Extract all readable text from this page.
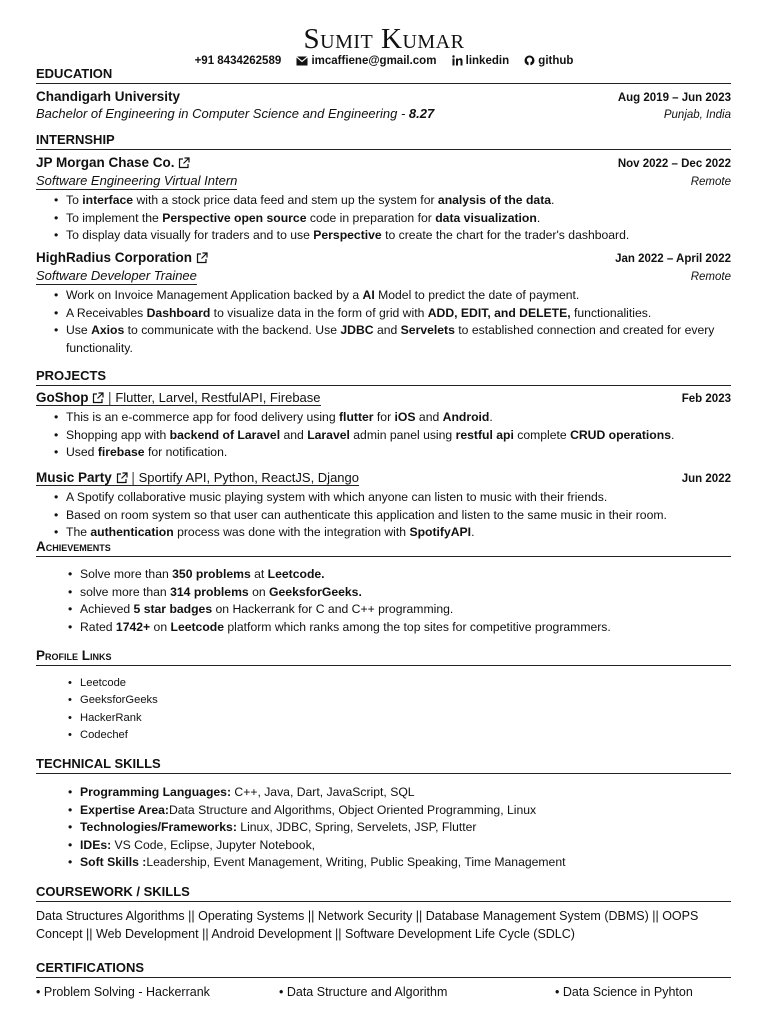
Sumit Kumar
+91 8434262589
	imcaffiene@gmail.com
	linkedin
	github
EDUCATION
Chandigarh University	Aug 2019 – Jun 2023
Bachelor of Engineering in Computer Science and Engineering - 8.27	Punjab, India
INTERNSHIP
JP Morgan Chase Co.	Nov 2022 – Dec 2022
Software Engineering Virtual Intern	Remote
• To interface with a stock price data feed and stem up the system for analysis of the data.
• To implement the Perspective open source code in preparation for data visualization.
• To display data visually for traders and to use Perspective to create the chart for the trader's dashboard.
HighRadius Corporation	Jan 2022 – April 2022
Software Developer Trainee	Remote
• Work on Invoice Management Application backed by a AI Model to predict the date of payment.
• A Receivables Dashboard to visualize data in the form of grid with ADD, EDIT, and DELETE, functionalities.
• Use Axios to communicate with the backend. Use JDBC and Servelets to established connection and created for every functionality.
PROJECTS
GoShop | Flutter, Larvel, RestfulAPI, Firebase	Feb 2023
• This is an e-commerce app for food delivery using flutter for iOS and Android.
• Shopping app with backend of Laravel and Laravel admin panel using restful api complete CRUD operations.
• Used firebase for notification.
Music Party | Sportify API, Python, ReactJS, Django	Jun 2022
• A Spotify collaborative music playing system with which anyone can listen to music with their friends.
• Based on room system so that user can authenticate this application and listen to the same music in their room.
• The authentication process was done with the integration with SpotifyAPI.
Achievements
• Solve more than 350 problems at Leetcode.
• solve more than 314 problems on GeeksforGeeks.
• Achieved 5 star badges on Hackerrank for C and C++ programming.
• Rated 1742+ on Leetcode platform which ranks among the top sites for competitive programmers.
Profile Links
• Leetcode
• GeeksforGeeks
• HackerRank
• Codechef
TECHNICAL SKILLS
• Programming Languages: C++, Java, Dart, JavaScript, SQL
• Expertise Area:Data Structure and Algorithms, Object Oriented Programming, Linux
• Technologies/Frameworks: Linux, JDBC, Spring, Servelets, JSP, Flutter
• IDEs: VS Code, Eclipse, Jupyter Notebook,
• Soft Skills :Leadership, Event Management, Writing, Public Speaking, Time Management
COURSEWORK / SKILLS
Data Structures Algorithms || Operating Systems || Network Security || Database Management System (DBMS) || OOPS Concept || Web Development || Android Development || Software Development Life Cycle (SDLC)
CERTIFICATIONS
• Problem Solving - Hackerrank	• Data Structure and Algorithm	• Data Science in Pyhton
